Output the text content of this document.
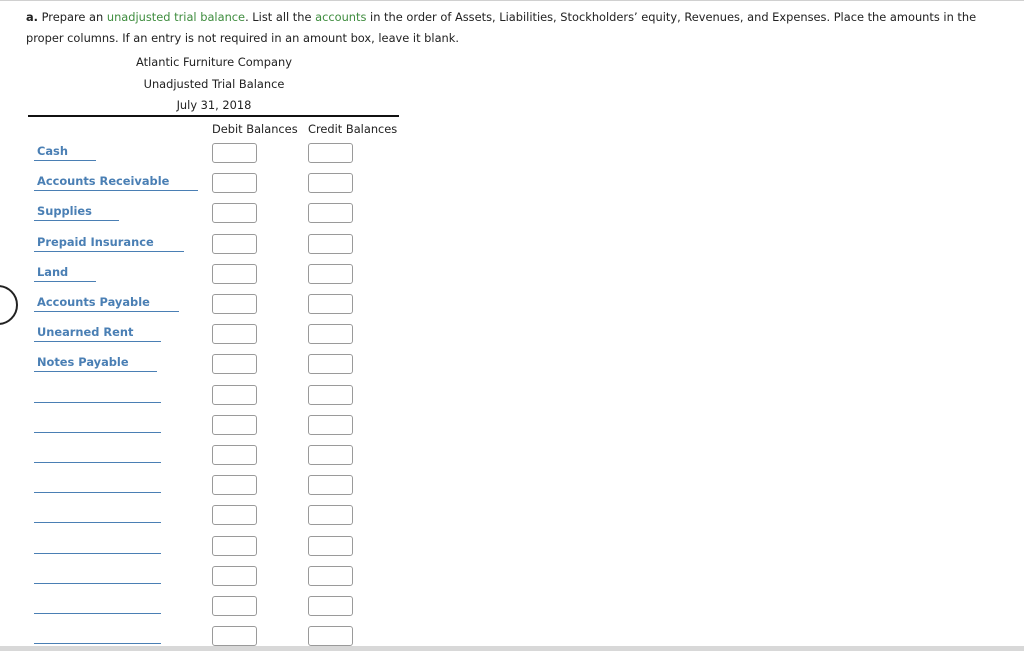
a. Prepare an unadjusted trial balance. List all the accounts in the order of Assets, Liabilities, Stockholders’ equity, Revenues, and Expenses. Place the amounts in the proper columns. If an entry is not required in an amount box, leave it blank.
Atlantic Furniture Company
Unadjusted Trial Balance
July 31, 2018
Debit Balances Credit Balances
Cash
Accounts Receivable
Supplies
Prepaid Insurance
Land
Accounts Payable
Unearned Rent
Notes Payable
